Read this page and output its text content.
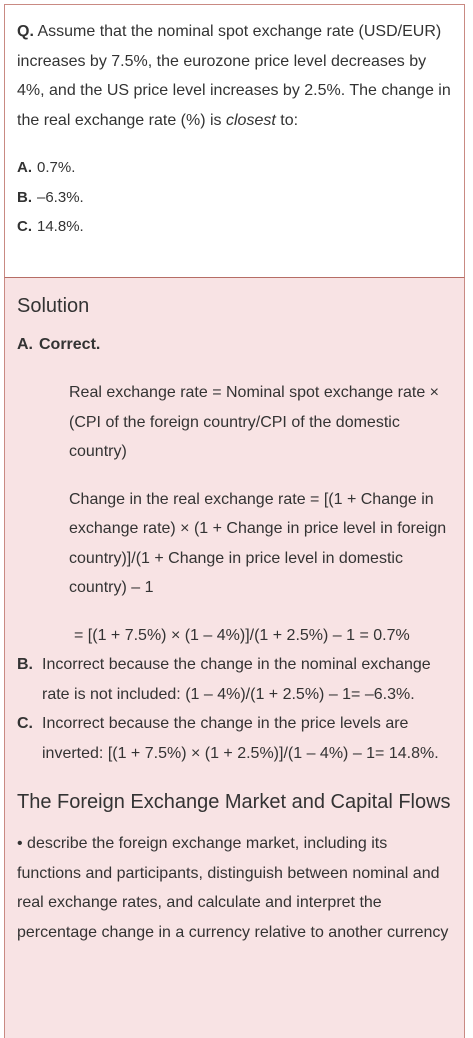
Q. Assume that the nominal spot exchange rate (USD/EUR) increases by 7.5%, the eurozone price level decreases by 4%, and the US price level increases by 2.5%. The change in the real exchange rate (%) is closest to:

A. 0.7%.
B. –6.3%.
C. 14.8%.
Solution
A. Correct.
Real exchange rate = Nominal spot exchange rate × (CPI of the foreign country/CPI of the domestic country)
Change in the real exchange rate = [(1 + Change in exchange rate) × (1 + Change in price level in foreign country)]/(1 + Change in price level in domestic country) – 1
= [(1 + 7.5%) × (1 – 4%)]/(1 + 2.5%) – 1 = 0.7%
B. Incorrect because the change in the nominal exchange rate is not included: (1 – 4%)/(1 + 2.5%) – 1= –6.3%.
C. Incorrect because the change in the price levels are inverted: [(1 + 7.5%) × (1 + 2.5%)]/(1 – 4%) – 1= 14.8%.
The Foreign Exchange Market and Capital Flows
• describe the foreign exchange market, including its functions and participants, distinguish between nominal and real exchange rates, and calculate and interpret the percentage change in a currency relative to another currency
